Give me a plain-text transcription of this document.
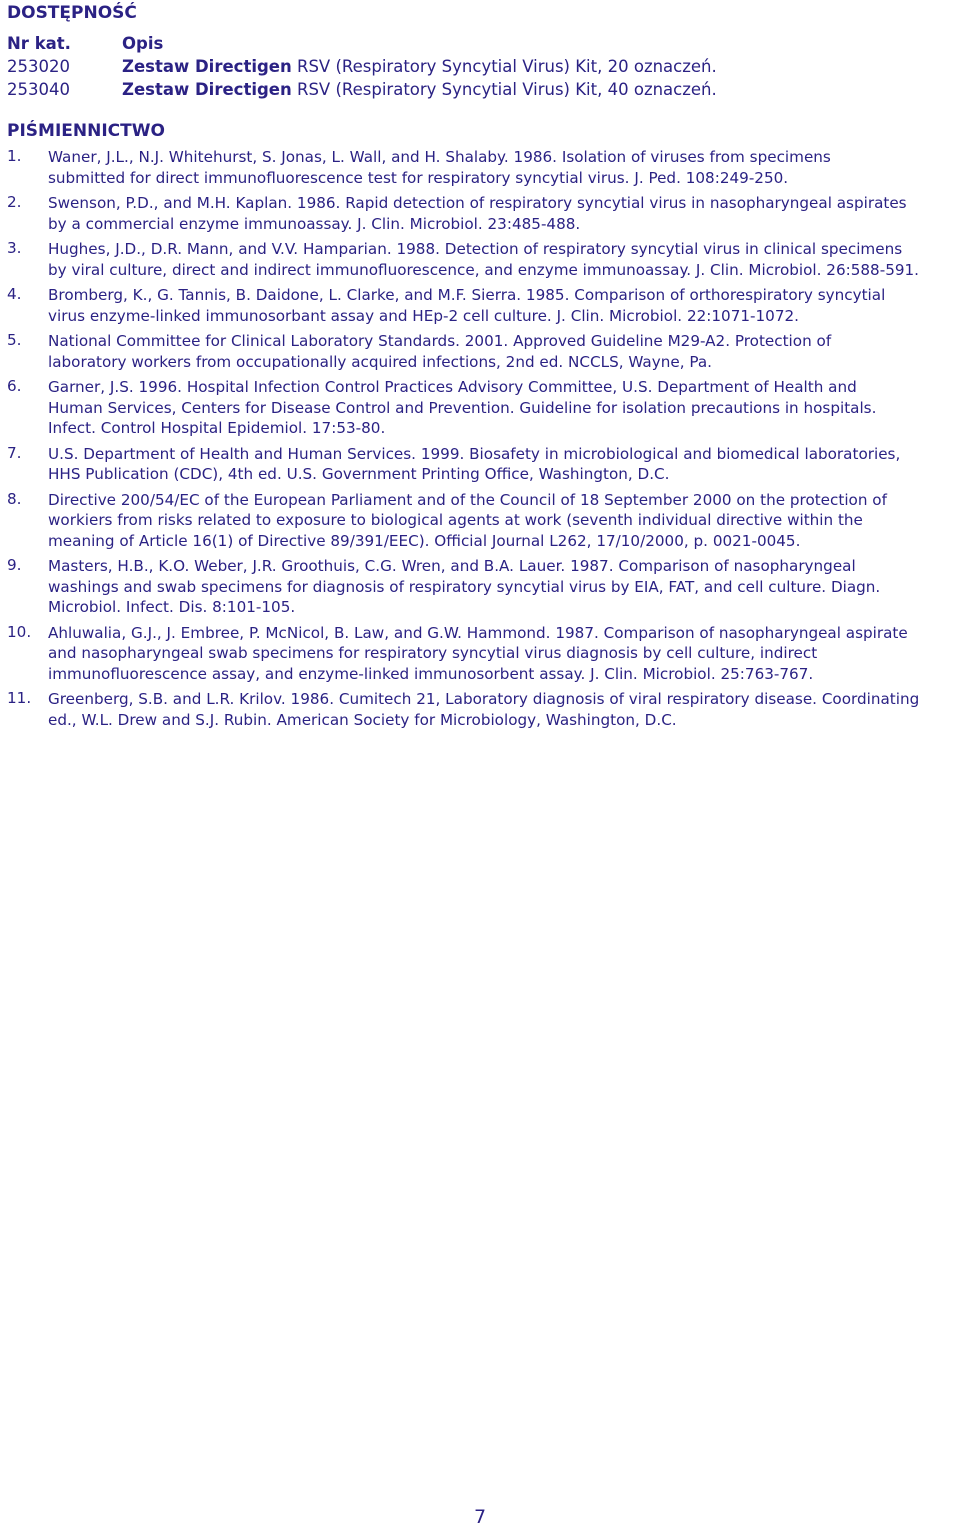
DOSTĘPNOŚĆ
Nr kat.	Opis
253020	Zestaw Directigen RSV (Respiratory Syncytial Virus) Kit, 20 oznaczeń.
253040	Zestaw Directigen RSV (Respiratory Syncytial Virus) Kit, 40 oznaczeń.
PIŚMIENNICTWO
1.	Waner, J.L., N.J. Whitehurst, S. Jonas, L. Wall, and H. Shalaby. 1986. Isolation of viruses from specimens
submitted for direct immunofluorescence test for respiratory syncytial virus. J. Ped. 108:249-250.
2.	Swenson, P.D., and M.H. Kaplan. 1986. Rapid detection of respiratory syncytial virus in nasopharyngeal aspirates
by a commercial enzyme immunoassay. J. Clin. Microbiol. 23:485-488.
3.	Hughes, J.D., D.R. Mann, and V.V. Hamparian. 1988. Detection of respiratory syncytial virus in clinical specimens
by viral culture, direct and indirect immunofluorescence, and enzyme immunoassay. J. Clin. Microbiol. 26:588-591.
4.	Bromberg, K., G. Tannis, B. Daidone, L. Clarke, and M.F. Sierra. 1985. Comparison of orthorespiratory syncytial
virus enzyme-linked immunosorbant assay and HEp-2 cell culture. J. Clin. Microbiol. 22:1071-1072.
5.	National Committee for Clinical Laboratory Standards. 2001. Approved Guideline M29-A2. Protection of
laboratory workers from occupationally acquired infections, 2nd ed. NCCLS, Wayne, Pa.
6.	Garner, J.S. 1996. Hospital Infection Control Practices Advisory Committee, U.S. Department of Health and
Human Services, Centers for Disease Control and Prevention. Guideline for isolation precautions in hospitals.
Infect. Control Hospital Epidemiol. 17:53-80.
7.	U.S. Department of Health and Human Services. 1999. Biosafety in microbiological and biomedical laboratories,
HHS Publication (CDC), 4th ed. U.S. Government Printing Office, Washington, D.C.
8.	Directive 200/54/EC of the European Parliament and of the Council of 18 September 2000 on the protection of
workiers from risks related to exposure to biological agents at work (seventh individual directive within the
meaning of Article 16(1) of Directive 89/391/EEC). Official Journal L262, 17/10/2000, p. 0021-0045.
9.	Masters, H.B., K.O. Weber, J.R. Groothuis, C.G. Wren, and B.A. Lauer. 1987. Comparison of nasopharyngeal
washings and swab specimens for diagnosis of respiratory syncytial virus by EIA, FAT, and cell culture. Diagn.
Microbiol. Infect. Dis. 8:101-105.
10.	Ahluwalia, G.J., J. Embree, P. McNicol, B. Law, and G.W. Hammond. 1987. Comparison of nasopharyngeal aspirate
and nasopharyngeal swab specimens for respiratory syncytial virus diagnosis by cell culture, indirect
immunofluorescence assay, and enzyme-linked immunosorbent assay. J. Clin. Microbiol. 25:763-767.
11.	Greenberg, S.B. and L.R. Krilov. 1986. Cumitech 21, Laboratory diagnosis of viral respiratory disease. Coordinating
ed., W.L. Drew and S.J. Rubin. American Society for Microbiology, Washington, D.C.
7
